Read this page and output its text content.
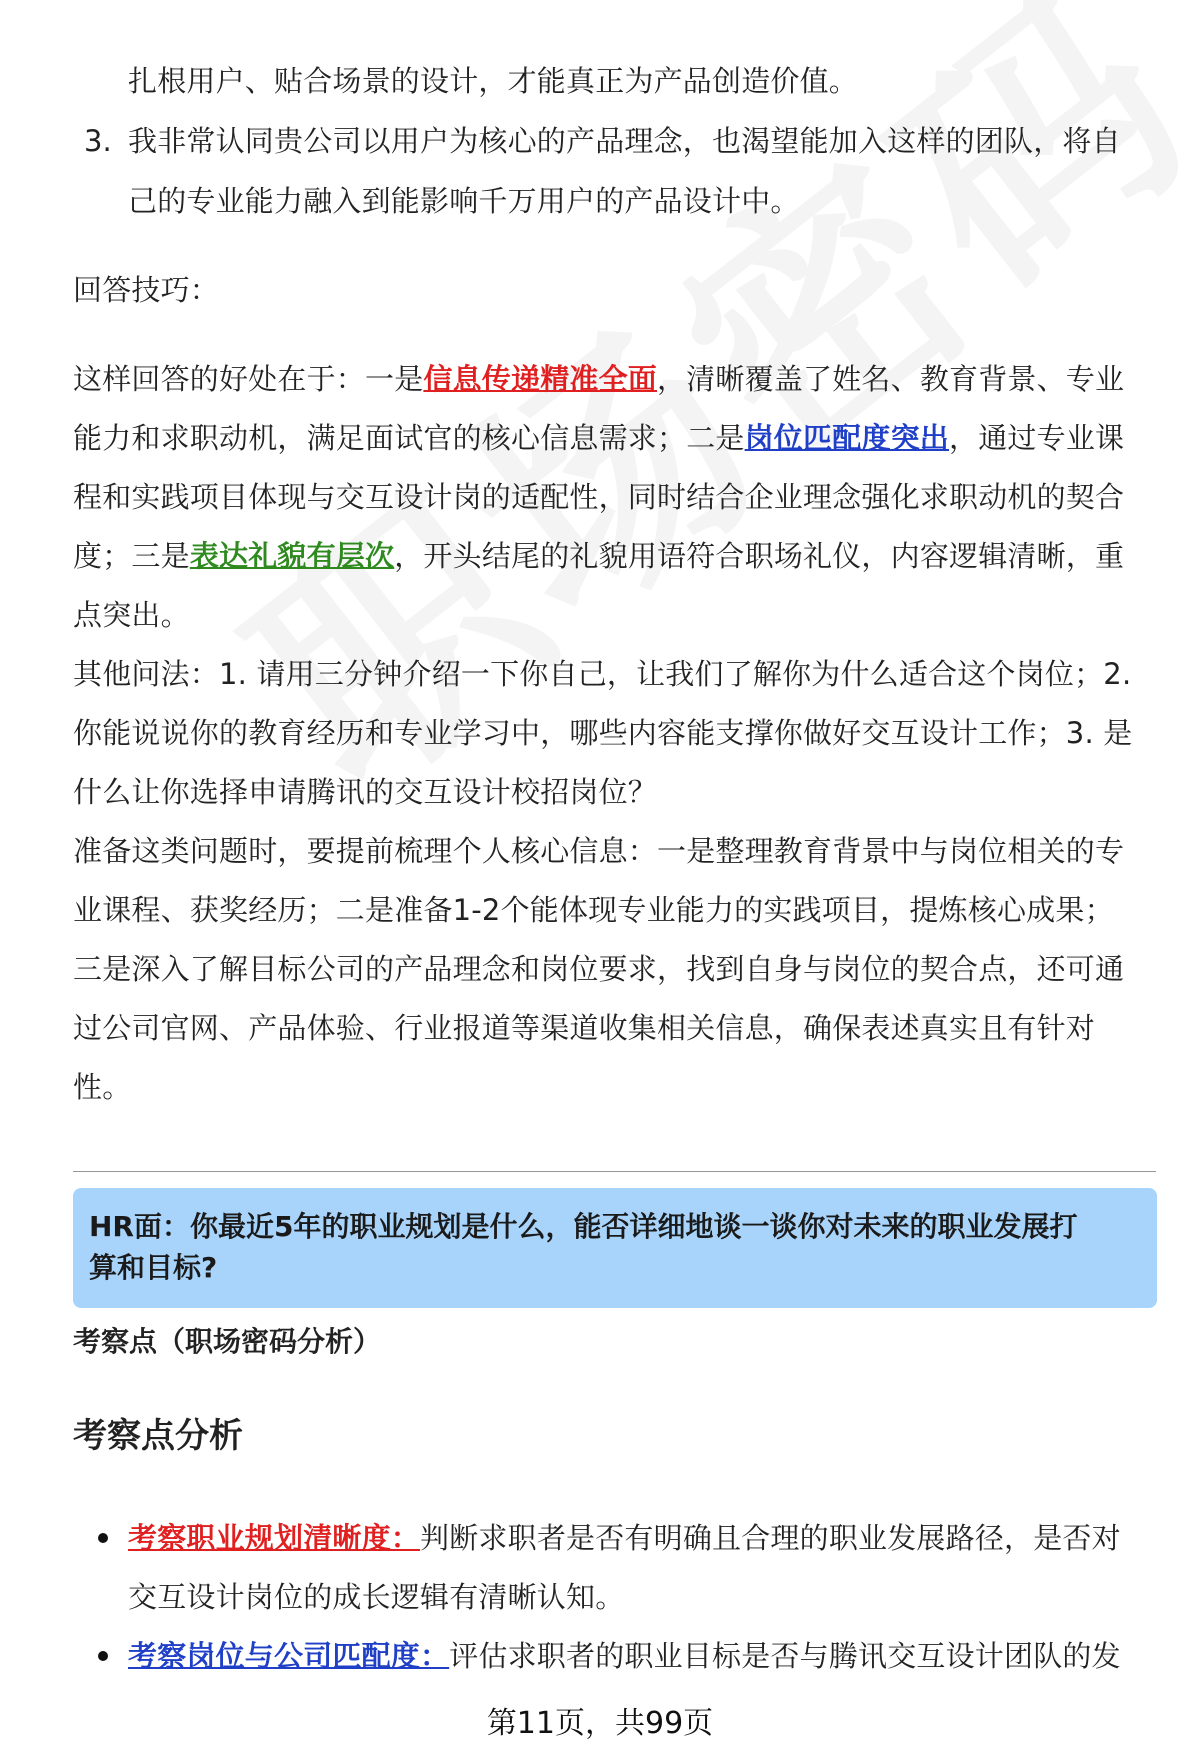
扎根用户、贴合场景的设计，才能真正为产品创造价值。
3. 我非常认同贵公司以用户为核心的产品理念，也渴望能加入这样的团队，将自
己的专业能力融入到能影响千万用户的产品设计中。
回答技巧：
这样回答的好处在于：一是信息传递精准全面，清晰覆盖了姓名、教育背景、专业
能力和求职动机，满足面试官的核心信息需求；二是岗位匹配度突出，通过专业课
程和实践项目体现与交互设计岗的适配性，同时结合企业理念强化求职动机的契合
度；三是表达礼貌有层次，开头结尾的礼貌用语符合职场礼仪，内容逻辑清晰，重
点突出。
其他问法：1. 请用三分钟介绍一下你自己，让我们了解你为什么适合这个岗位；2.
你能说说你的教育经历和专业学习中，哪些内容能支撑你做好交互设计工作；3. 是
什么让你选择申请腾讯的交互设计校招岗位？
准备这类问题时，要提前梳理个人核心信息：一是整理教育背景中与岗位相关的专
业课程、获奖经历；二是准备1-2个能体现专业能力的实践项目，提炼核心成果；
三是深入了解目标公司的产品理念和岗位要求，找到自身与岗位的契合点，还可通
过公司官网、产品体验、行业报道等渠道收集相关信息，确保表述真实且有针对
性。
HR面：你最近5年的职业规划是什么，能否详细地谈一谈你对未来的职业发展打
算和目标?
考察点（职场密码分析）
考察点分析
考察职业规划清晰度：判断求职者是否有明确且合理的职业发展路径，是否对
交互设计岗位的成长逻辑有清晰认知。
考察岗位与公司匹配度：评估求职者的职业目标是否与腾讯交互设计团队的发
第11页，共99页
